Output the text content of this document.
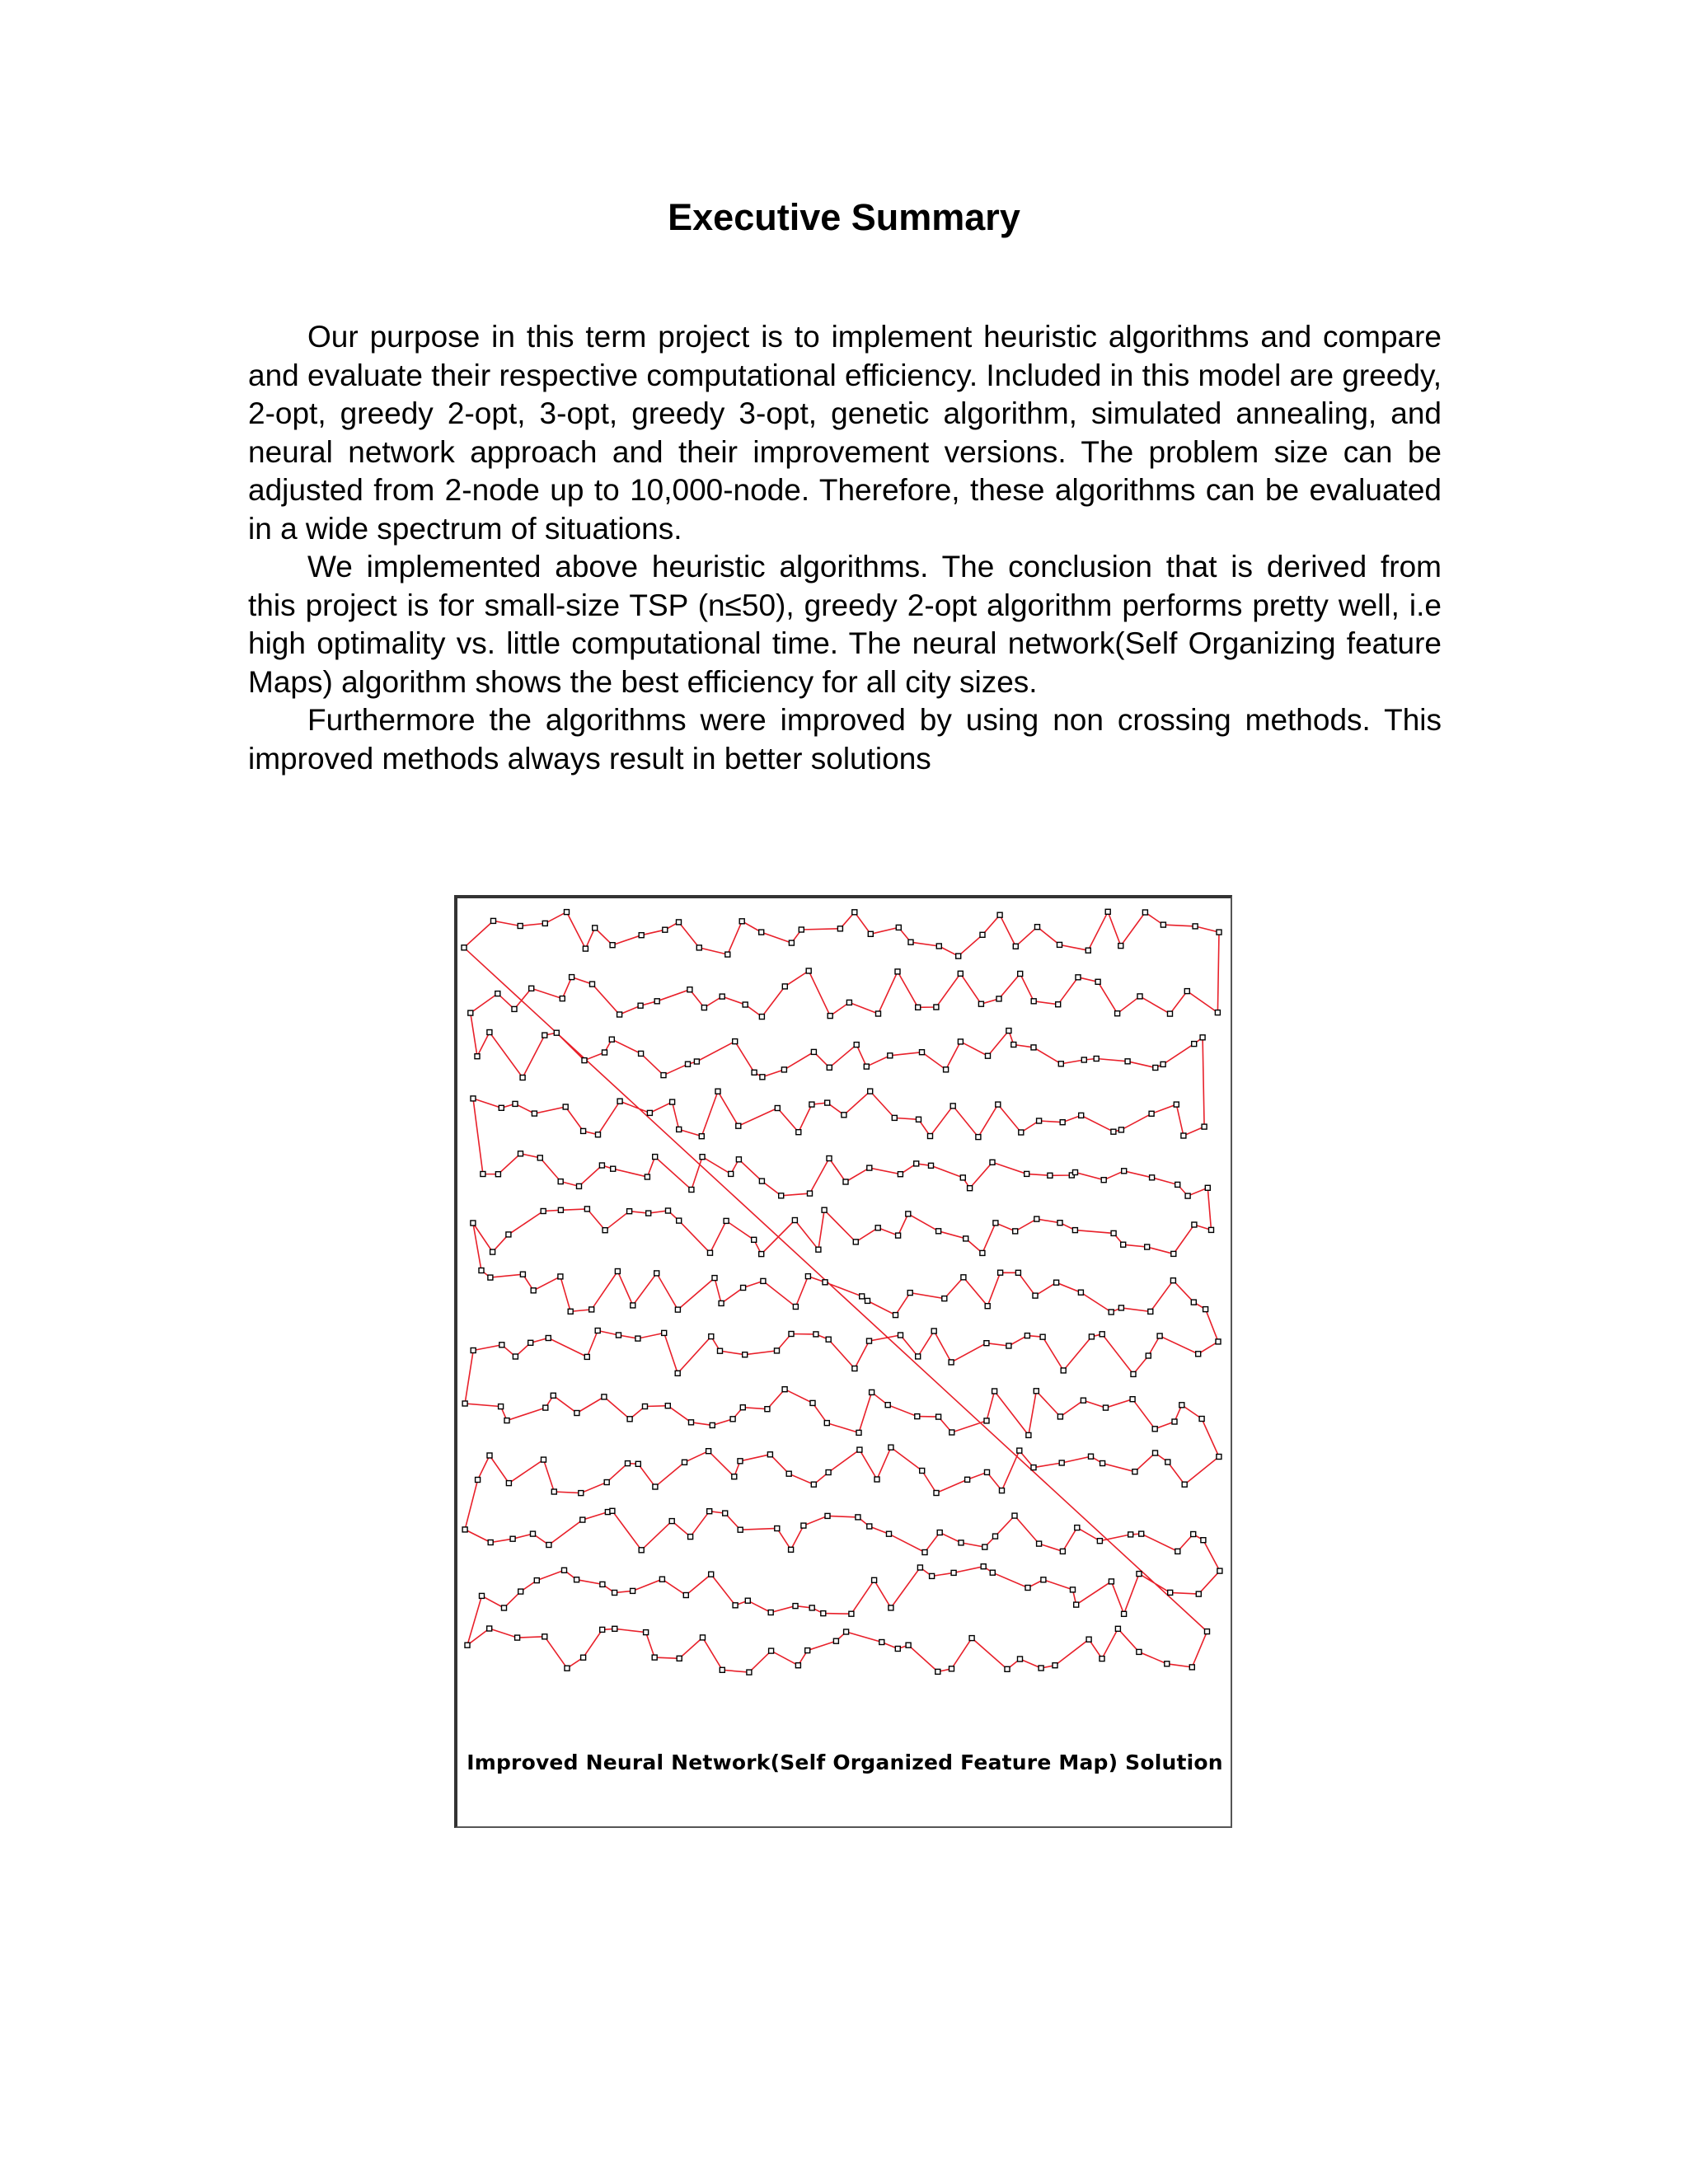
Executive Summary

Our purpose in this term project is to implement heuristic algorithms and compare and evaluate their respective computational efficiency. Included in this model are greedy, 2-opt, greedy 2-opt, 3-opt, greedy 3-opt, genetic algorithm, simulated annealing, and neural network approach and their improvement versions. The problem size can be adjusted from 2-node up to 10,000-node. Therefore, these algorithms can be evaluated in a wide spectrum of situations.

We implemented above heuristic algorithms. The conclusion that is derived from this project is for small-size TSP (n≤50), greedy 2-opt algorithm performs pretty well, i.e high optimality vs. little computational time. The neural network(Self Organizing feature Maps) algorithm shows the best efficiency for all city sizes.

Furthermore the algorithms were improved by using non crossing methods. This improved methods always result in better solutions

Improved Neural Network(Self Organized Feature Map) Solution
